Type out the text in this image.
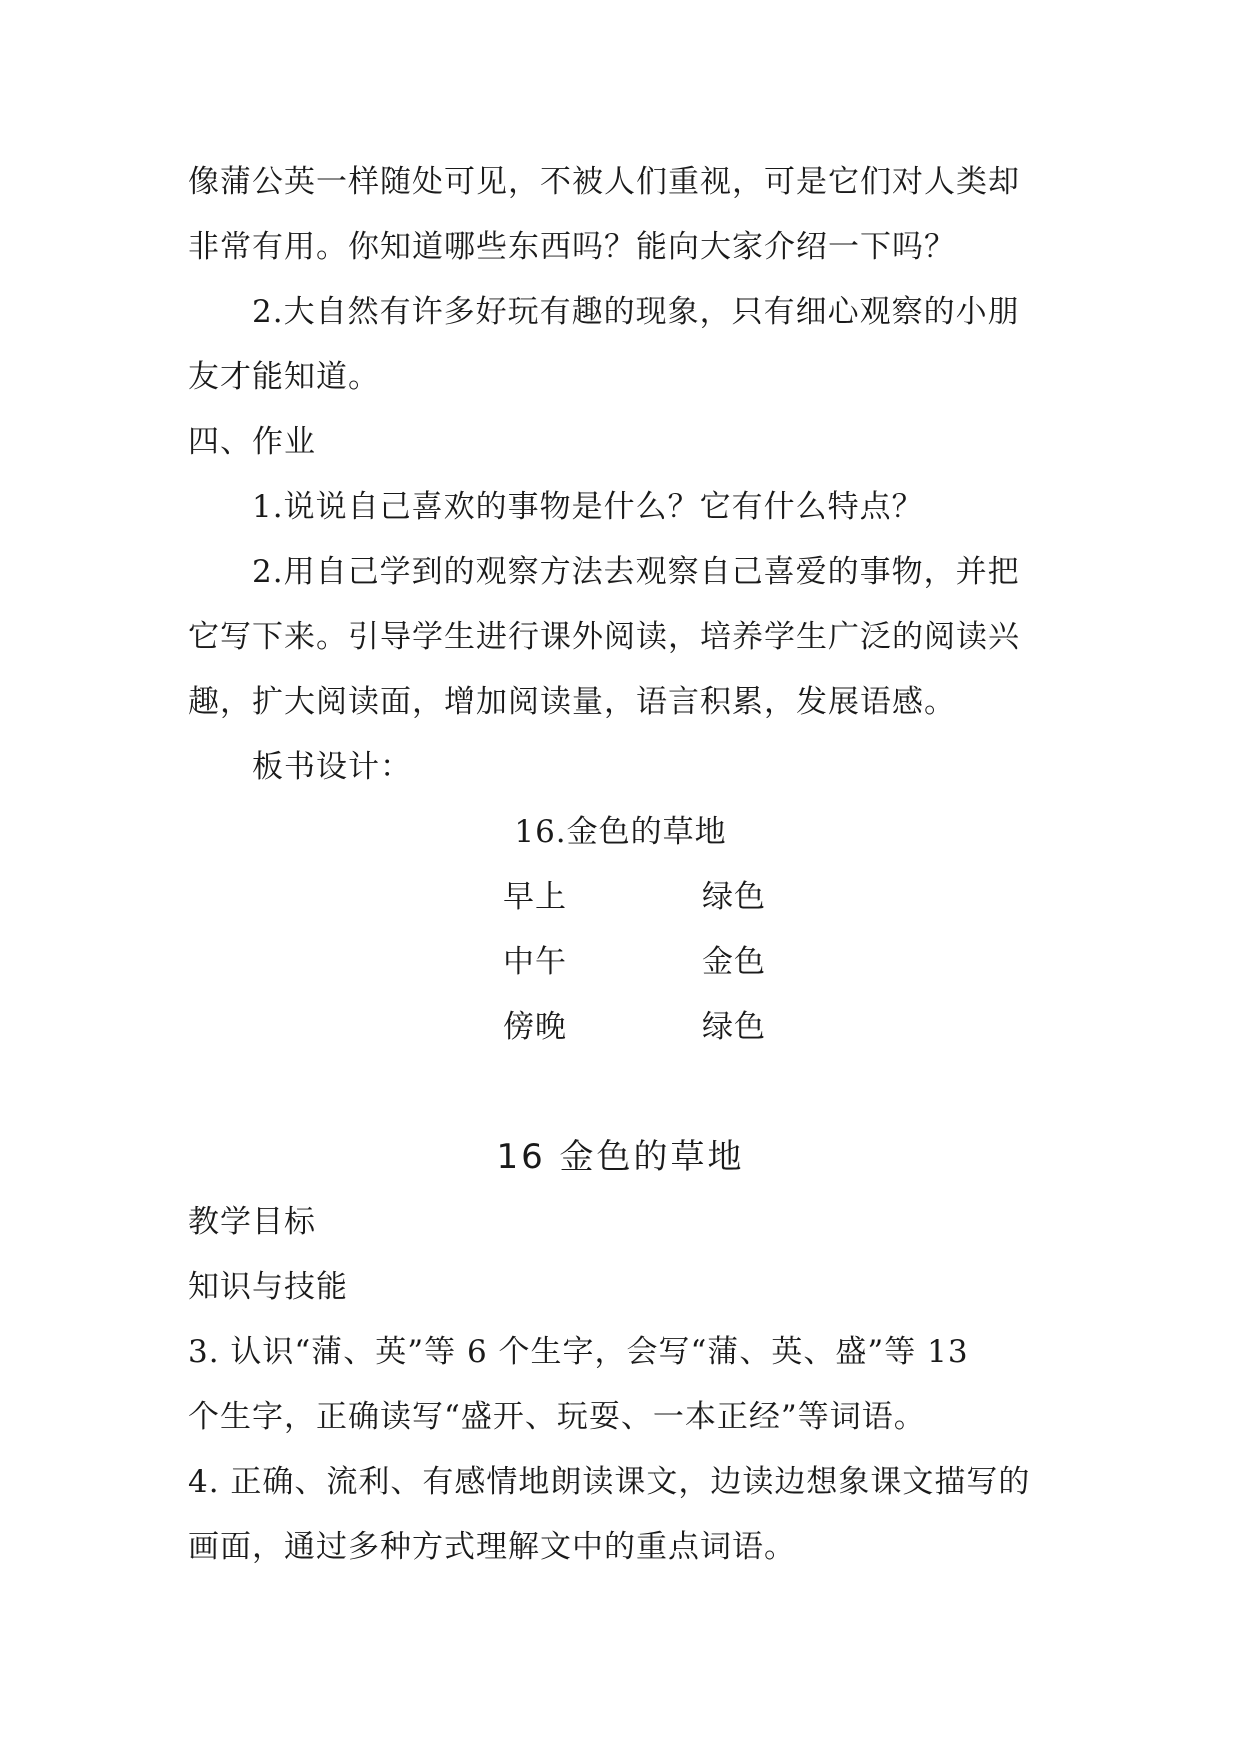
像蒲公英一样随处可见，不被人们重视，可是它们对人类却
非常有用。你知道哪些东西吗？能向大家介绍一下吗？
2.大自然有许多好玩有趣的现象，只有细心观察的小朋
友才能知道。
四、作业
1.说说自己喜欢的事物是什么？它有什么特点？
2.用自己学到的观察方法去观察自己喜爱的事物，并把
它写下来。引导学生进行课外阅读，培养学生广泛的阅读兴
趣，扩大阅读面，增加阅读量，语言积累，发展语感。
板书设计：
16.金色的草地
早上	绿色
中午	金色
傍晚	绿色
16 金色的草地
教学目标
知识与技能
3. 认识“蒲、英”等 6 个生字，会写“蒲、英、盛”等 13
个生字，正确读写“盛开、玩耍、一本正经”等词语。
4. 正确、流利、有感情地朗读课文，边读边想象课文描写的
画面，通过多种方式理解文中的重点词语。
